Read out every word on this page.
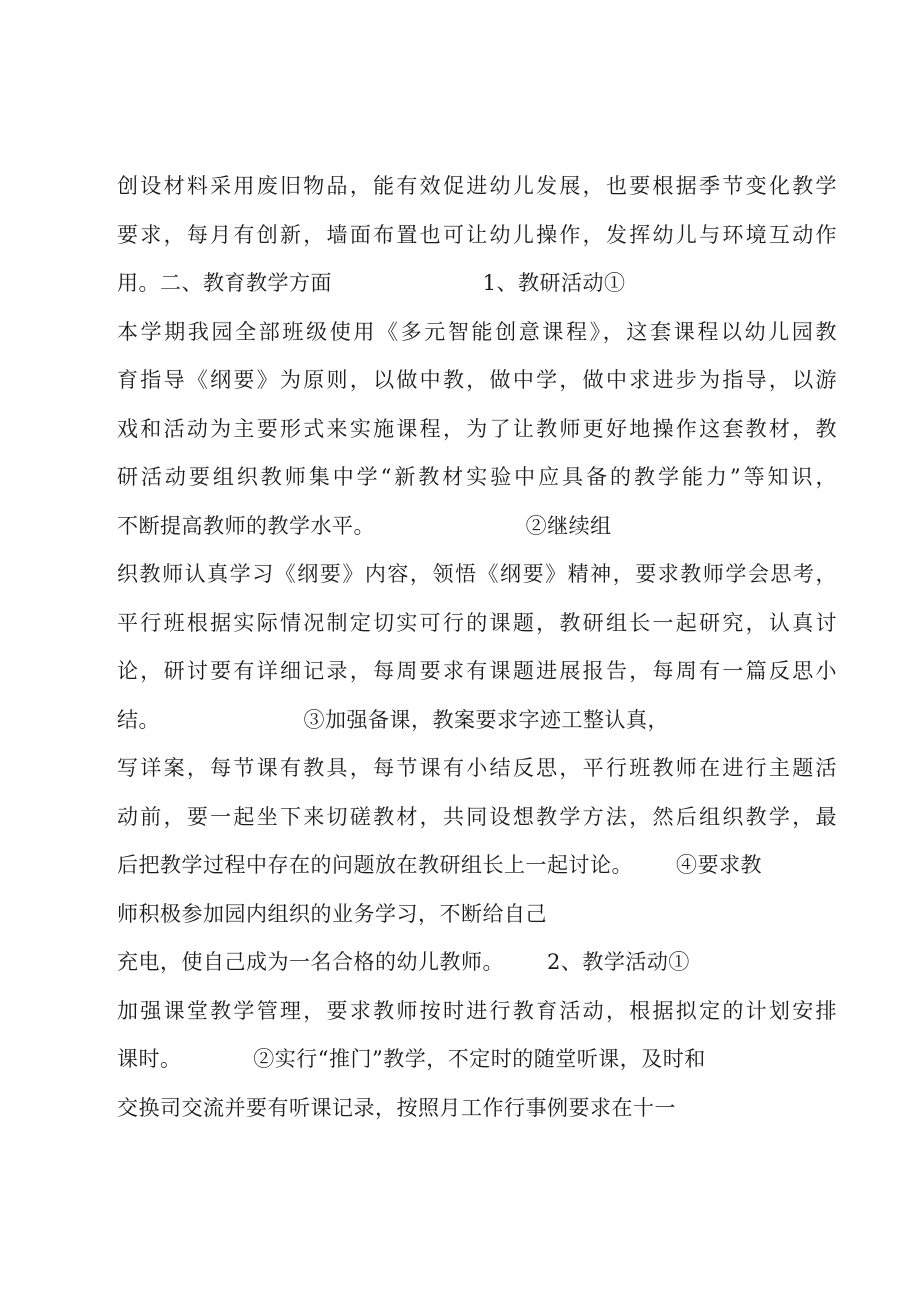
创设材料采用废旧物品，能有效促进幼儿发展，也要根据季节变化教学
要求，每月有创新，墙面布置也可让幼儿操作，发挥幼儿与环境互动作
用。二、教育教学方面                     1、教研活动①
本学期我园全部班级使用《多元智能创意课程》，这套课程以幼儿园教
育指导《纲要》为原则，以做中教，做中学，做中求进步为指导，以游
戏和活动为主要形式来实施课程，为了让教师更好地操作这套教材，教
研活动要组织教师集中学“新教材实验中应具备的教学能力”等知识，
不断提高教师的教学水平。                     ②继续组
织教师认真学习《纲要》内容，领悟《纲要》精神，要求教师学会思考，
平行班根据实际情况制定切实可行的课题，教研组长一起研究，认真讨
论，研讨要有详细记录，每周要求有课题进展报告，每周有一篇反思小
结。                    ③加强备课，教案要求字迹工整认真，
写详案，每节课有教具，每节课有小结反思，平行班教师在进行主题活
动前，要一起坐下来切磋教材，共同设想教学方法，然后组织教学，最
后把教学过程中存在的问题放在教研组长上一起讨论。      ④要求教
师积极参加园内组织的业务学习，不断给自己
充电，使自己成为一名合格的幼儿教师。      2、教学活动①
加强课堂教学管理，要求教师按时进行教育活动，根据拟定的计划安排
课时。          ②实行“推门”教学，不定时的随堂听课，及时和
交换司交流并要有听课记录，按照月工作行事例要求在十一
